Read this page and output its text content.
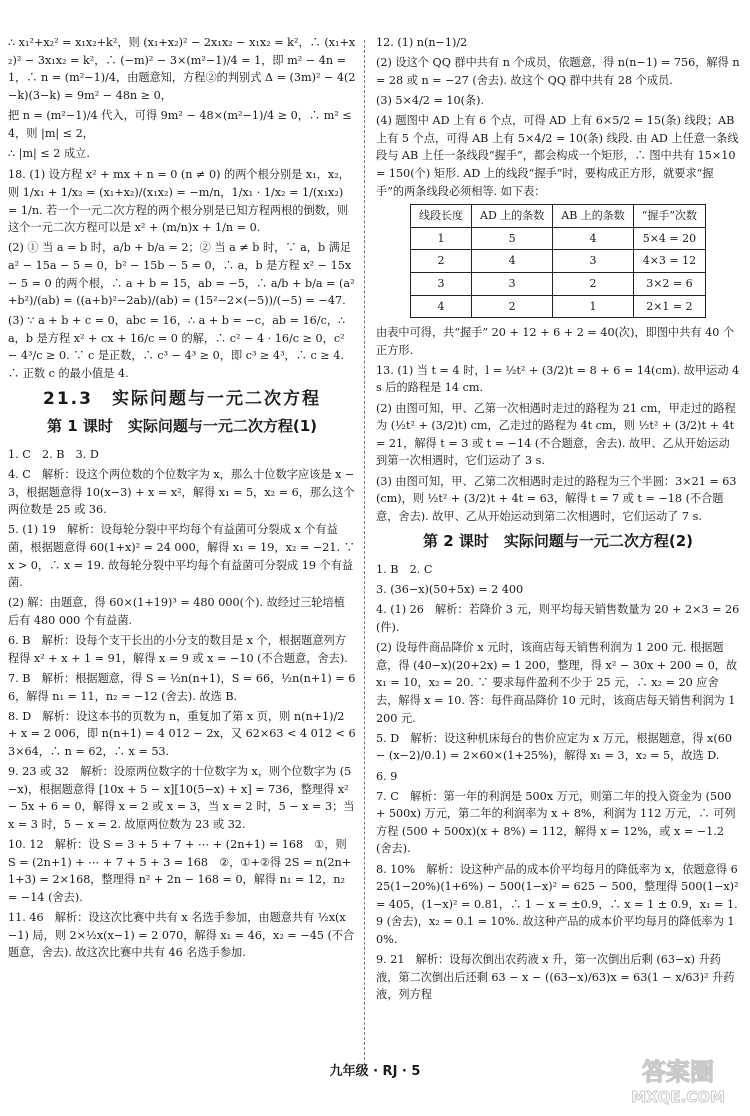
∴ x₁²+x₂² = x₁x₂+k²，则 (x₁+x₂)² − 2x₁x₂ − x₁x₂ = k²，∴ (x₁+x₂)² − 3x₁x₂ = k²，∴ (−m)² − 3×(m²−1)/4 = 1，即 m² − 4n = 1，∴ n = (m²−1)/4，由题意知，方程②的判别式 Δ = (3m)² − 4(2−k)(3−k) = 9m² − 48n ≥ 0，

把 n = (m²−1)/4 代入，可得 9m² − 48×(m²−1)/4 ≥ 0，∴ m² ≤ 4，则 |m| ≤ 2，

∴ |m| ≤ 2 成立.

18. (1) 设方程 x² + mx + n = 0 (n ≠ 0) 的两个根分别是 x₁，x₂，则 1/x₁ + 1/x₂ = (x₁+x₂)/(x₁x₂) = −m/n，1/x₁ · 1/x₂ = 1/(x₁x₂) = 1/n. 若一个一元二次方程的两个根分别是已知方程两根的倒数，则这个一元二次方程可以是 x² + (m/n)x + 1/n = 0.

(2) ① 当 a = b 时，a/b + b/a = 2；② 当 a ≠ b 时，∵ a，b 满足 a² − 15a − 5 = 0，b² − 15b − 5 = 0，∴ a，b 是方程 x² − 15x − 5 = 0 的两个根，∴ a + b = 15，ab = −5，∴ a/b + b/a = (a²+b²)/(ab) = ((a+b)²−2ab)/(ab) = (15²−2×(−5))/(−5) = −47.

(3) ∵ a + b + c = 0，abc = 16，∴ a + b = −c，ab = 16/c，∴ a，b 是方程 x² + cx + 16/c = 0 的解，∴ c² − 4 · 16/c ≥ 0，c² − 4³/c ≥ 0. ∵ c 是正数，∴ c³ − 4³ ≥ 0，即 c³ ≥ 4³，∴ c ≥ 4. ∴ 正数 c 的最小值是 4.

21.3　实际问题与一元二次方程
第 1 课时　实际问题与一元二次方程(1)

1. C　2. B　3. D

4. C　解析：设这个两位数的个位数字为 x，那么十位数字应该是 x − 3，根据题意得 10(x−3) + x = x²，解得 x₁ = 5，x₂ = 6，那么这个两位数是 25 或 36.

5. (1) 19　解析：设每轮分裂中平均每个有益菌可分裂成 x 个有益菌，根据题意得 60(1+x)² = 24 000，解得 x₁ = 19，x₂ = −21. ∵ x > 0，∴ x = 19. 故每轮分裂中平均每个有益菌可分裂成 19 个有益菌.

(2) 解：由题意，得 60×(1+19)³ = 480 000(个). 故经过三轮培植后有 480 000 个有益菌.

6. B　解析：设每个支干长出的小分支的数目是 x 个，根据题意列方程得 x² + x + 1 = 91，解得 x = 9 或 x = −10 (不合题意，舍去).

7. B　解析：根据题意，得 S = ½n(n+1)，S = 66，½n(n+1) = 66，解得 n₁ = 11，n₂ = −12 (舍去). 故选 B.

8. D　解析：设这本书的页数为 n，重复加了第 x 页，则 n(n+1)/2 + x = 2 006，即 n(n+1) = 4 012 − 2x，又 62×63 < 4 012 < 63×64，∴ n = 62，∴ x = 53.

9. 23 或 32　解析：设原两位数字的十位数字为 x，则个位数字为 (5−x)，根据题意得 [10x + 5 − x][10(5−x) + x] = 736，整理得 x² − 5x + 6 = 0，解得 x = 2 或 x = 3，当 x = 2 时，5 − x = 3；当 x = 3 时，5 − x = 2. 故原两位数为 23 或 32.

10. 12　解析：设 S = 3 + 5 + 7 + ⋯ + (2n+1) = 168　①，则 S = (2n+1) + ⋯ + 7 + 5 + 3 = 168　②，①+②得 2S = n(2n+1+3) = 2×168，整理得 n² + 2n − 168 = 0，解得 n₁ = 12，n₂ = −14 (舍去).

11. 46　解析：设这次比赛中共有 x 名选手参加，由题意共有 ½x(x−1) 局，则 2×½x(x−1) = 2 070，解得 x₁ = 46，x₂ = −45 (不合题意，舍去). 故这次比赛中共有 46 名选手参加.

12. (1) n(n−1)/2

(2) 设这个 QQ 群中共有 n 个成员，依题意，得 n(n−1) = 756，解得 n = 28 或 n = −27 (舍去). 故这个 QQ 群中共有 28 个成员.

(3) 5×4/2 = 10(条).

(4) 题图中 AD 上有 6 个点，可得 AD 上有 6×5/2 = 15(条) 线段；AB 上有 5 个点，可得 AB 上有 5×4/2 = 10(条) 线段. 由 AD 上任意一条线段与 AB 上任一条线段“握手”，都会构成一个矩形，∴ 图中共有 15×10 = 150(个) 矩形. AD 上的线段“握手”时，要构成正方形，就要求“握手”的两条线段必须相等. 如下表：

线段长度	AD 上的条数	AB 上的条数	“握手”次数
1	5	4	5×4 = 20
2	4	3	4×3 = 12
3	3	2	3×2 = 6
4	2	1	2×1 = 2

由表中可得，共“握手” 20 + 12 + 6 + 2 = 40(次)，即图中共有 40 个正方形.

13. (1) 当 t = 4 时，l = ½t² + (3/2)t = 8 + 6 = 14(cm). 故甲运动 4 s 后的路程是 14 cm.

(2) 由图可知，甲、乙第一次相遇时走过的路程为 21 cm，甲走过的路程为 (½t² + (3/2)t) cm，乙走过的路程为 4t cm，则 ½t² + (3/2)t + 4t = 21，解得 t = 3 或 t = −14 (不合题意，舍去). 故甲、乙从开始运动到第一次相遇时，它们运动了 3 s.

(3) 由图可知，甲、乙第二次相遇时走过的路程为三个半圆：3×21 = 63(cm)，则 ½t² + (3/2)t + 4t = 63，解得 t = 7 或 t = −18 (不合题意，舍去). 故甲、乙从开始运动到第二次相遇时，它们运动了 7 s.

第 2 课时　实际问题与一元二次方程(2)

1. B　2. C

3. (36−x)(50+5x) = 2 400

4. (1) 26　解析：若降价 3 元，则平均每天销售数量为 20 + 2×3 = 26(件).

(2) 设每件商品降价 x 元时，该商店每天销售利润为 1 200 元. 根据题意，得 (40−x)(20+2x) = 1 200，整理，得 x² − 30x + 200 = 0，故 x₁ = 10，x₂ = 20. ∵ 要求每件盈利不少于 25 元，∴ x₂ = 20 应舍去，解得 x = 10. 答：每件商品降价 10 元时，该商店每天销售利润为 1 200 元.

5. D　解析：设这种机床每台的售价应定为 x 万元，根据题意，得 x(60 − (x−2)/0.1) = 2×60×(1+25%)，解得 x₁ = 3，x₂ = 5，故选 D.

6. 9

7. C　解析：第一年的利润是 500x 万元，则第二年的投入资金为 (500 + 500x) 万元，第二年的利润率为 x + 8%，利润为 112 万元，∴ 可列方程 (500 + 500x)(x + 8%) = 112，解得 x = 12%，或 x = −1.2 (舍去).

8. 10%　解析：设这种产品的成本价平均每月的降低率为 x，依题意得 625(1−20%)(1+6%) − 500(1−x)² = 625 − 500，整理得 500(1−x)² = 405，(1−x)² = 0.81，∴ 1 − x = ±0.9，∴ x = 1 ± 0.9，x₁ = 1.9 (舍去)，x₂ = 0.1 = 10%. 故这种产品的成本价平均每月的降低率为 10%.

9. 21　解析：设每次倒出农药液 x 升，第一次倒出后剩 (63−x) 升药液，第二次倒出后还剩 63 − x − ((63−x)/63)x = 63(1 − x/63)² 升药液，列方程

九年级 · RJ · 5	答案圈
MXQE.COM
